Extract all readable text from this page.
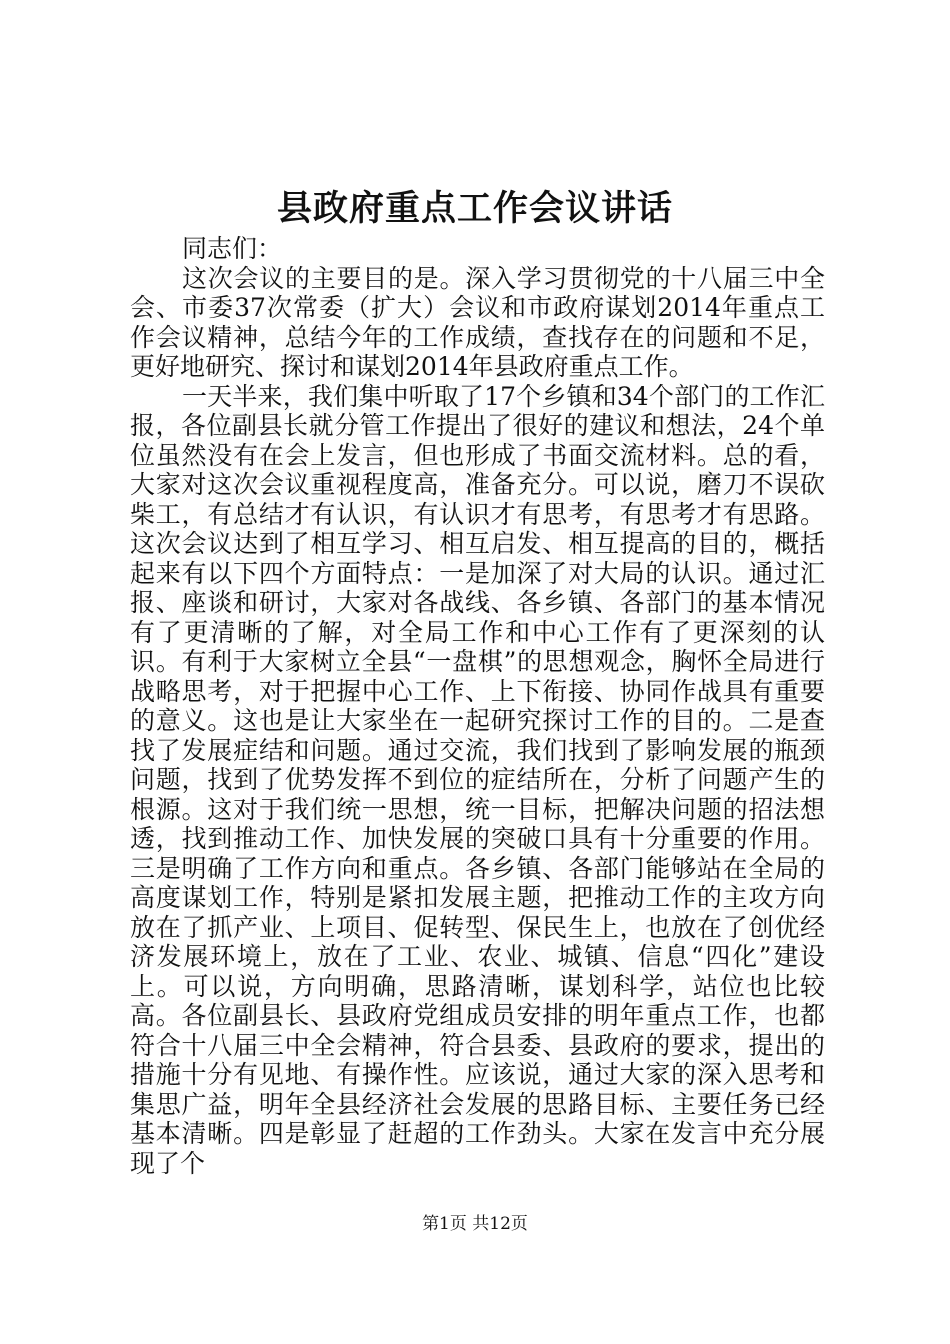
县政府重点工作会议讲话
同志们：

这次会议的主要目的是。深入学习贯彻党的十八届三中全会、市委37次常委（扩大）会议和市政府谋划2014年重点工作会议精神，总结今年的工作成绩，查找存在的问题和不足，更好地研究、探讨和谋划2014年县政府重点工作。

一天半来，我们集中听取了17个乡镇和34个部门的工作汇报，各位副县长就分管工作提出了很好的建议和想法，24个单位虽然没有在会上发言，但也形成了书面交流材料。总的看，大家对这次会议重视程度高，准备充分。可以说，磨刀不误砍柴工，有总结才有认识，有认识才有思考，有思考才有思路。这次会议达到了相互学习、相互启发、相互提高的目的，概括起来有以下四个方面特点：一是加深了对大局的认识。通过汇报、座谈和研讨，大家对各战线、各乡镇、各部门的基本情况有了更清晰的了解，对全局工作和中心工作有了更深刻的认识。有利于大家树立全县“一盘棋”的思想观念，胸怀全局进行战略思考，对于把握中心工作、上下衔接、协同作战具有重要的意义。这也是让大家坐在一起研究探讨工作的目的。二是查找了发展症结和问题。通过交流，我们找到了影响发展的瓶颈问题，找到了优势发挥不到位的症结所在，分析了问题产生的根源。这对于我们统一思想，统一目标，把解决问题的招法想透，找到推动工作、加快发展的突破口具有十分重要的作用。三是明确了工作方向和重点。各乡镇、各部门能够站在全局的高度谋划工作，特别是紧扣发展主题，把推动工作的主攻方向放在了抓产业、上项目、促转型、保民生上，也放在了创优经济发展环境上，放在了工业、农业、城镇、信息“四化”建设上。可以说，方向明确，思路清晰，谋划科学，站位也比较高。各位副县长、县政府党组成员安排的明年重点工作，也都符合十八届三中全会精神，符合县委、县政府的要求，提出的措施十分有见地、有操作性。应该说，通过大家的深入思考和集思广益，明年全县经济社会发展的思路目标、主要任务已经基本清晰。四是彰显了赶超的工作劲头。大家在发言中充分展现了个

第1页 共12页
